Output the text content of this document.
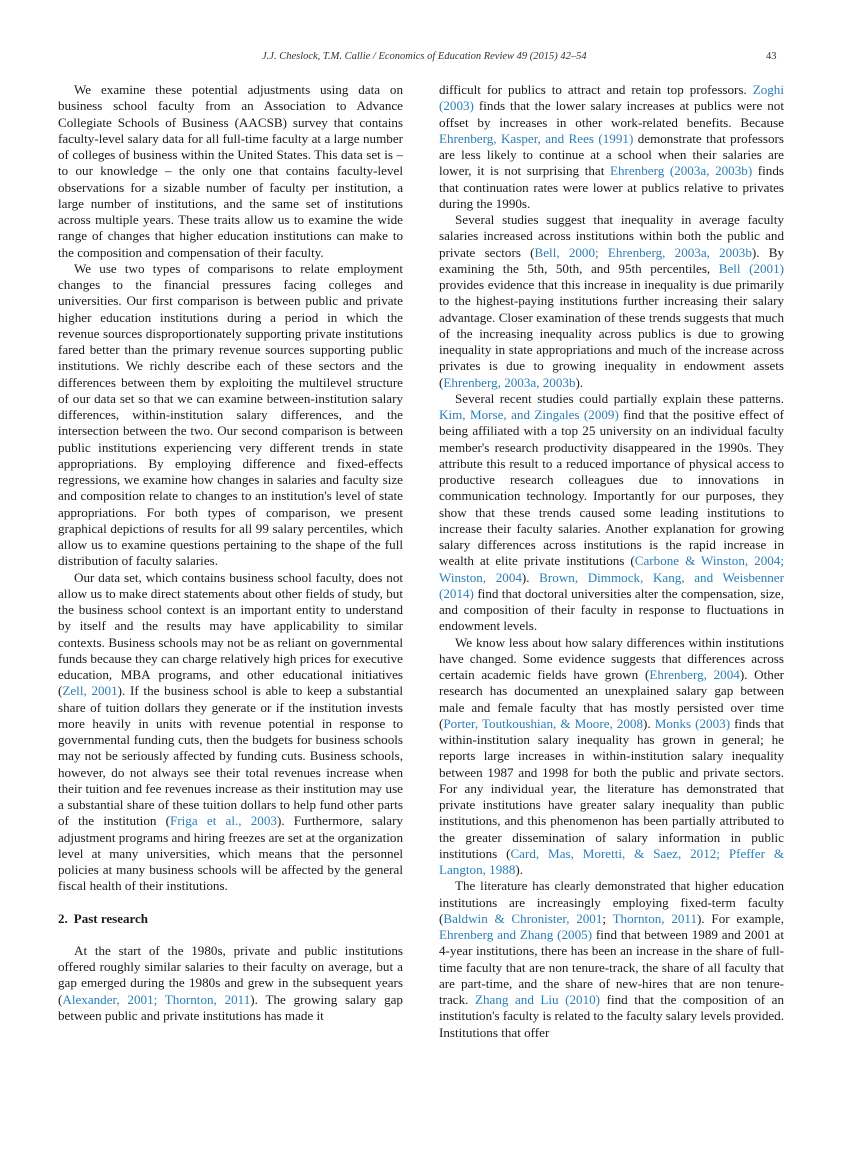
J.J. Cheslock, T.M. Callie / Economics of Education Review 49 (2015) 42–54	43

We examine these potential adjustments using data on business school faculty from an Association to Advance Collegiate Schools of Business (AACSB) survey that contains faculty-level salary data for all full-time faculty at a large number of colleges of business within the United States. This data set is – to our knowledge – the only one that contains faculty-level observations for a sizable number of faculty per institution, a large number of institutions, and the same set of institutions across multiple years. These traits allow us to examine the wide range of changes that higher education institutions can make to the composition and compensation of their faculty.

We use two types of comparisons to relate employment changes to the financial pressures facing colleges and universities. Our first comparison is between public and private higher education institutions during a period in which the revenue sources disproportionately supporting private institutions fared better than the primary revenue sources supporting public institutions. We richly describe each of these sectors and the differences between them by exploiting the multilevel structure of our data set so that we can examine between-institution salary differences, within-institution salary differences, and the intersection between the two. Our second comparison is between public institutions experiencing very different trends in state appropriations. By employing difference and fixed-effects regressions, we examine how changes in salaries and faculty size and composition relate to changes to an institution's level of state appropriations. For both types of comparison, we present graphical depictions of results for all 99 salary percentiles, which allow us to examine questions pertaining to the shape of the full distribution of faculty salaries.

Our data set, which contains business school faculty, does not allow us to make direct statements about other fields of study, but the business school context is an important entity to understand by itself and the results may have applicability to similar contexts. Business schools may not be as reliant on governmental funds because they can charge relatively high prices for executive education, MBA programs, and other educational initiatives (Zell, 2001). If the business school is able to keep a substantial share of tuition dollars they generate or if the institution invests more heavily in units with revenue potential in response to governmental funding cuts, then the budgets for business schools may not be seriously affected by funding cuts. Business schools, however, do not always see their total revenues increase when their tuition and fee revenues increase as their institution may use a substantial share of these tuition dollars to help fund other parts of the institution (Friga et al., 2003). Furthermore, salary adjustment programs and hiring freezes are set at the organization level at many universities, which means that the personnel policies at many business schools will be affected by the general fiscal health of their institutions.

2. Past research

At the start of the 1980s, private and public institutions offered roughly similar salaries to their faculty on average, but a gap emerged during the 1980s and grew in the subsequent years (Alexander, 2001; Thornton, 2011). The growing salary gap between public and private institutions has made it

difficult for publics to attract and retain top professors. Zoghi (2003) finds that the lower salary increases at publics were not offset by increases in other work-related benefits. Because Ehrenberg, Kasper, and Rees (1991) demonstrate that professors are less likely to continue at a school when their salaries are lower, it is not surprising that Ehrenberg (2003a, 2003b) finds that continuation rates were lower at publics relative to privates during the 1990s.

Several studies suggest that inequality in average faculty salaries increased across institutions within both the public and private sectors (Bell, 2000; Ehrenberg, 2003a, 2003b). By examining the 5th, 50th, and 95th percentiles, Bell (2001) provides evidence that this increase in inequality is due primarily to the highest-paying institutions further increasing their salary advantage. Closer examination of these trends suggests that much of the increasing inequality across publics is due to growing inequality in state appropriations and much of the increase across privates is due to growing inequality in endowment assets (Ehrenberg, 2003a, 2003b).

Several recent studies could partially explain these patterns. Kim, Morse, and Zingales (2009) find that the positive effect of being affiliated with a top 25 university on an individual faculty member's research productivity disappeared in the 1990s. They attribute this result to a reduced importance of physical access to productive research colleagues due to innovations in communication technology. Importantly for our purposes, they show that these trends caused some leading institutions to increase their faculty salaries. Another explanation for growing salary differences across institutions is the rapid increase in wealth at elite private institutions (Carbone & Winston, 2004; Winston, 2004). Brown, Dimmock, Kang, and Weisbenner (2014) find that doctoral universities alter the compensation, size, and composition of their faculty in response to fluctuations in endowment levels.

We know less about how salary differences within institutions have changed. Some evidence suggests that differences across certain academic fields have grown (Ehrenberg, 2004). Other research has documented an unexplained salary gap between male and female faculty that has mostly persisted over time (Porter, Toutkoushian, & Moore, 2008). Monks (2003) finds that within-institution salary inequality has grown in general; he reports large increases in within-institution salary inequality between 1987 and 1998 for both the public and private sectors. For any individual year, the literature has demonstrated that private institutions have greater salary inequality than public institutions, and this phenomenon has been partially attributed to the greater dissemination of salary information in public institutions (Card, Mas, Moretti, & Saez, 2012; Pfeffer & Langton, 1988).

The literature has clearly demonstrated that higher education institutions are increasingly employing fixed-term faculty (Baldwin & Chronister, 2001; Thornton, 2011). For example, Ehrenberg and Zhang (2005) find that between 1989 and 2001 at 4-year institutions, there has been an increase in the share of full-time faculty that are non tenure-track, the share of all faculty that are part-time, and the share of new-hires that are non tenure-track. Zhang and Liu (2010) find that the composition of an institution's faculty is related to the faculty salary levels provided. Institutions that offer
